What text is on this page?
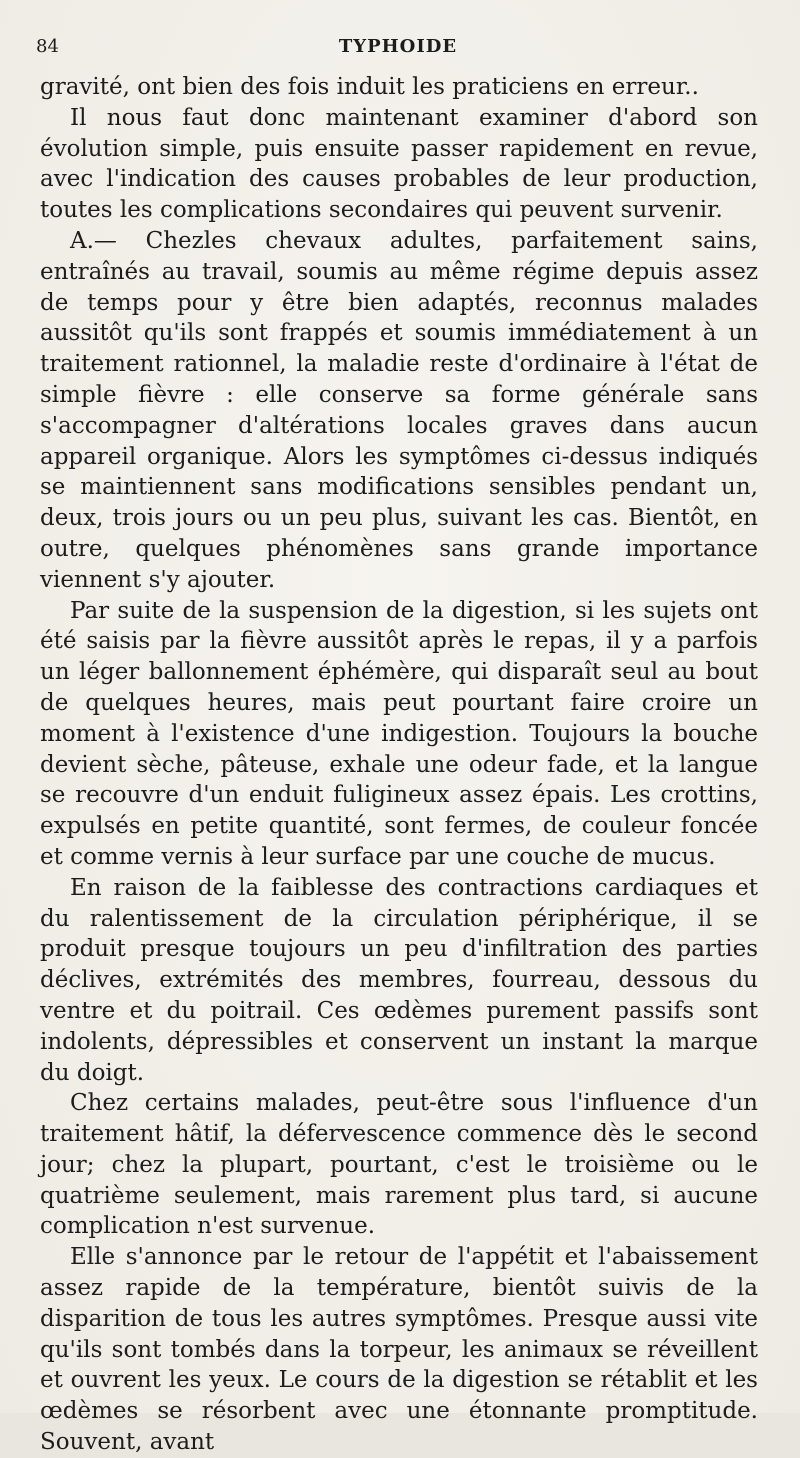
84	TYPHOIDE

gravité, ont bien des fois induit les praticiens en erreur..

Il nous faut donc maintenant examiner d'abord son évolution simple, puis ensuite passer rapidement en revue, avec l'indication des causes probables de leur production, toutes les complications secondaires qui peuvent survenir.

A.— Chezles chevaux adultes, parfaitement sains, entraînés au travail, soumis au même régime depuis assez de temps pour y être bien adaptés, reconnus malades aussitôt qu'ils sont frappés et soumis immédiatement à un traitement rationnel, la maladie reste d'ordinaire à l'état de simple fièvre : elle conserve sa forme générale sans s'accompagner d'altérations locales graves dans aucun appareil organique. Alors les symptômes ci-dessus indiqués se maintiennent sans modifications sensibles pendant un, deux, trois jours ou un peu plus, suivant les cas. Bientôt, en outre, quelques phénomènes sans grande importance viennent s'y ajouter.

Par suite de la suspension de la digestion, si les sujets ont été saisis par la fièvre aussitôt après le repas, il y a parfois un léger ballonnement éphémère, qui disparaît seul au bout de quelques heures, mais peut pourtant faire croire un moment à l'existence d'une indigestion. Toujours la bouche devient sèche, pâteuse, exhale une odeur fade, et la langue se recouvre d'un enduit fuligineux assez épais. Les crottins, expulsés en petite quantité, sont fermes, de couleur foncée et comme vernis à leur surface par une couche de mucus.

En raison de la faiblesse des contractions cardiaques et du ralentissement de la circulation périphérique, il se produit presque toujours un peu d'infiltration des parties déclives, extrémités des membres, fourreau, dessous du ventre et du poitrail. Ces œdèmes purement passifs sont indolents, dépressibles et conservent un instant la marque du doigt.

Chez certains malades, peut-être sous l'influence d'un traitement hâtif, la défervescence commence dès le second jour; chez la plupart, pourtant, c'est le troisième ou le quatrième seulement, mais rarement plus tard, si aucune complication n'est survenue.

Elle s'annonce par le retour de l'appétit et l'abaissement assez rapide de la température, bientôt suivis de la disparition de tous les autres symptômes. Presque aussi vite qu'ils sont tombés dans la torpeur, les animaux se réveillent et ouvrent les yeux. Le cours de la digestion se rétablit et les œdèmes se résorbent avec une étonnante promptitude. Souvent, avant
